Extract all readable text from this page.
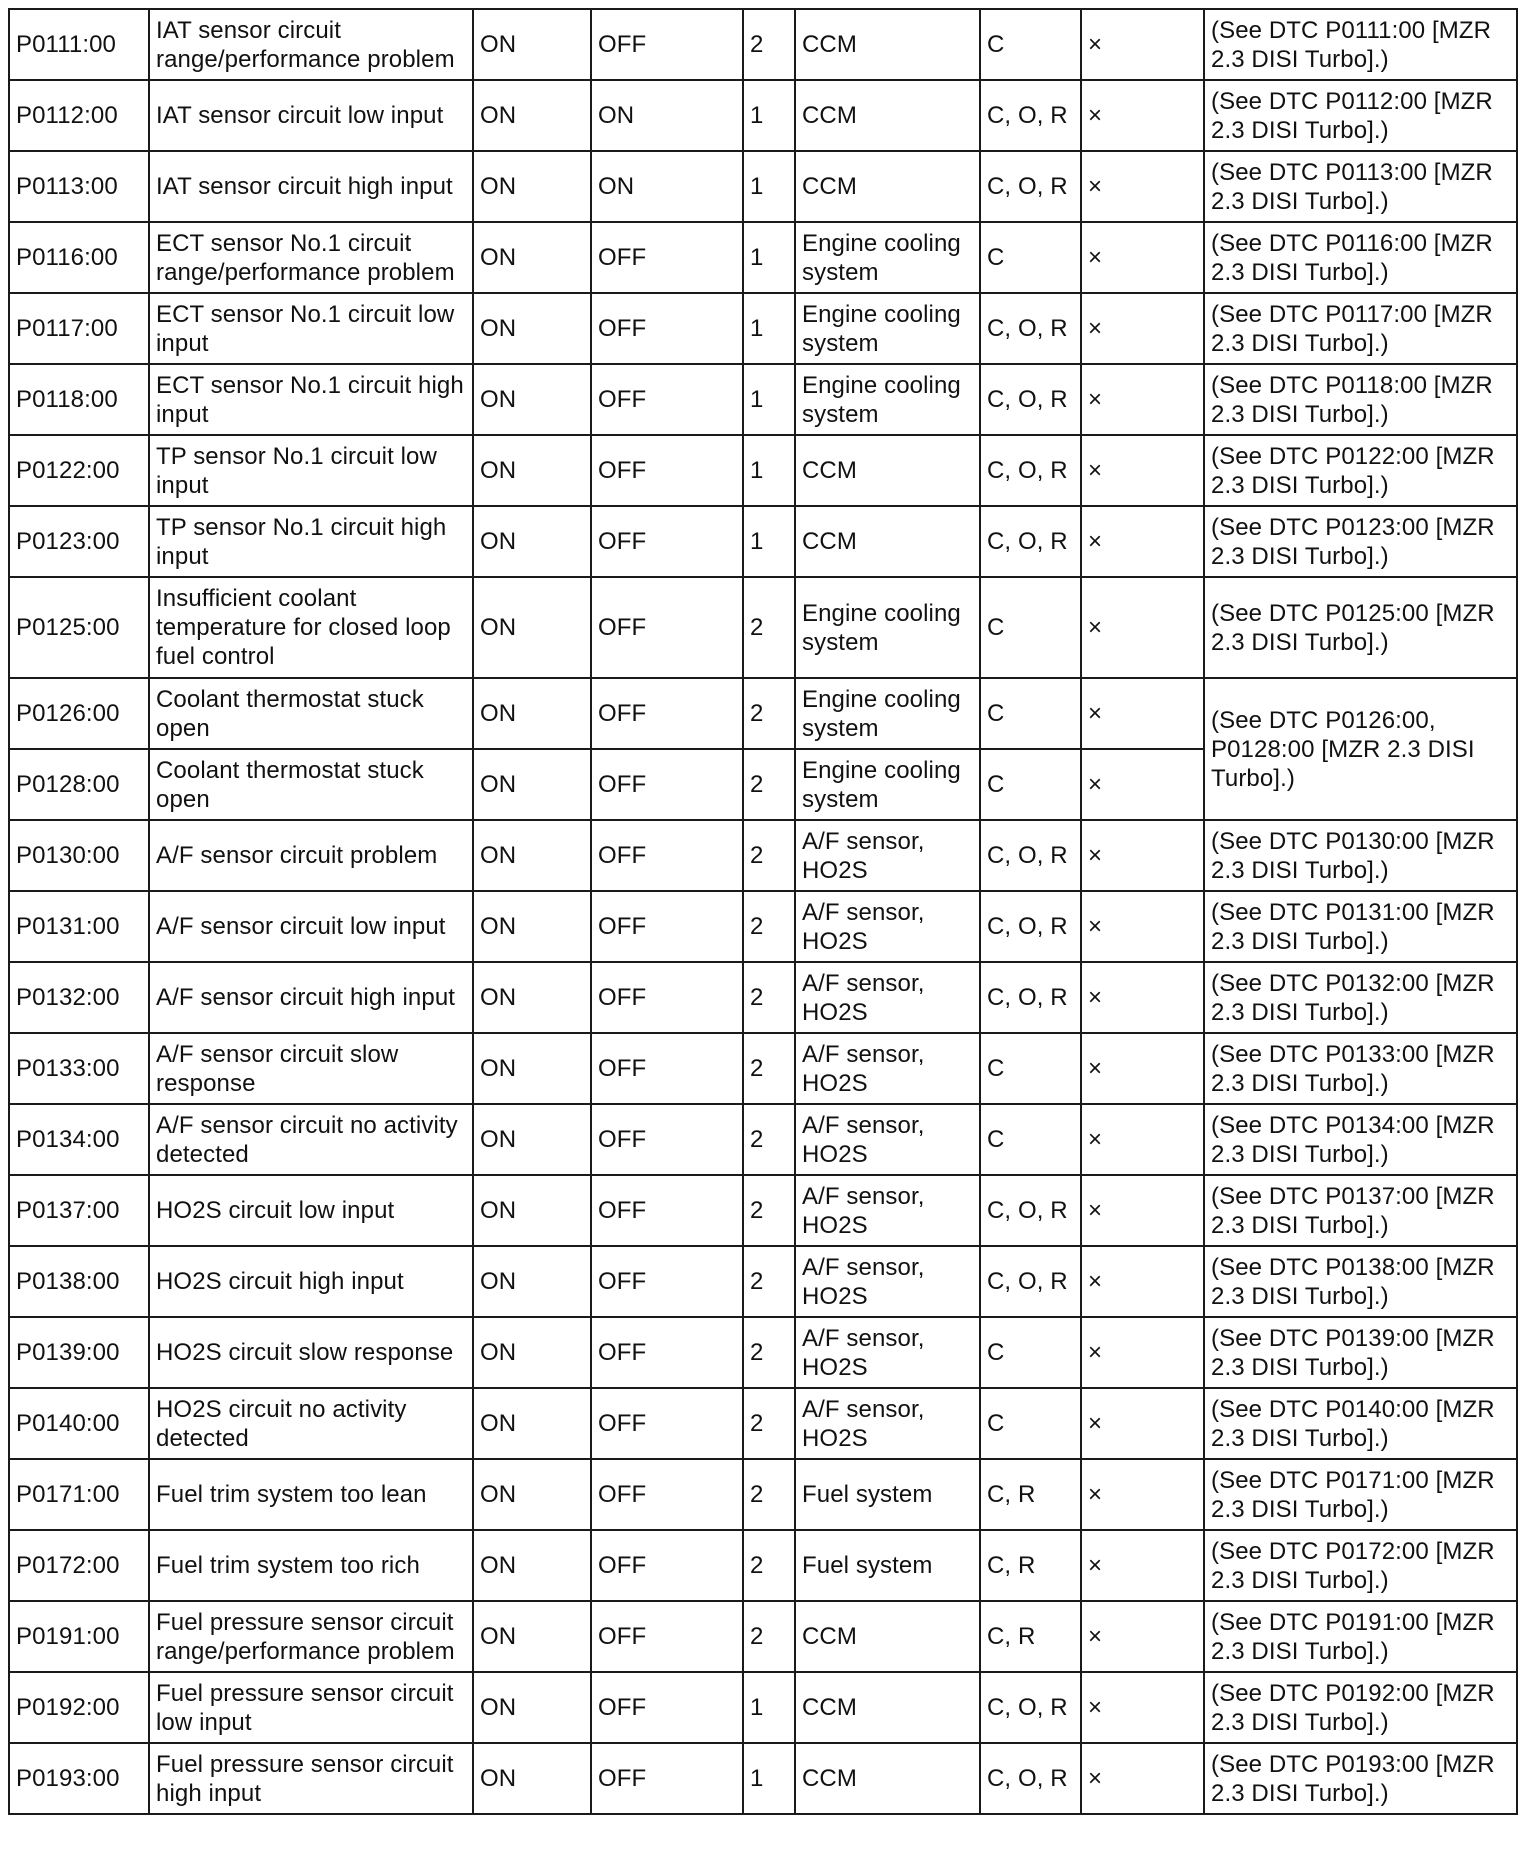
P0111:00	IAT sensor circuit range/performance problem	ON	OFF	2	CCM	C	×	(See DTC P0111:00 [MZR 2.3 DISI Turbo].)
P0112:00	IAT sensor circuit low input	ON	ON	1	CCM	C, O, R	×	(See DTC P0112:00 [MZR 2.3 DISI Turbo].)
P0113:00	IAT sensor circuit high input	ON	ON	1	CCM	C, O, R	×	(See DTC P0113:00 [MZR 2.3 DISI Turbo].)
P0116:00	ECT sensor No.1 circuit range/performance problem	ON	OFF	1	Engine cooling system	C	×	(See DTC P0116:00 [MZR 2.3 DISI Turbo].)
P0117:00	ECT sensor No.1 circuit low input	ON	OFF	1	Engine cooling system	C, O, R	×	(See DTC P0117:00 [MZR 2.3 DISI Turbo].)
P0118:00	ECT sensor No.1 circuit high input	ON	OFF	1	Engine cooling system	C, O, R	×	(See DTC P0118:00 [MZR 2.3 DISI Turbo].)
P0122:00	TP sensor No.1 circuit low input	ON	OFF	1	CCM	C, O, R	×	(See DTC P0122:00 [MZR 2.3 DISI Turbo].)
P0123:00	TP sensor No.1 circuit high input	ON	OFF	1	CCM	C, O, R	×	(See DTC P0123:00 [MZR 2.3 DISI Turbo].)
P0125:00	Insufficient coolant temperature for closed loop fuel control	ON	OFF	2	Engine cooling system	C	×	(See DTC P0125:00 [MZR 2.3 DISI Turbo].)
P0126:00	Coolant thermostat stuck open	ON	OFF	2	Engine cooling system	C	×	(See DTC P0126:00, P0128:00 [MZR 2.3 DISI Turbo].)
P0128:00	Coolant thermostat stuck open	ON	OFF	2	Engine cooling system	C	×	
P0130:00	A/F sensor circuit problem	ON	OFF	2	A/F sensor, HO2S	C, O, R	×	(See DTC P0130:00 [MZR 2.3 DISI Turbo].)
P0131:00	A/F sensor circuit low input	ON	OFF	2	A/F sensor, HO2S	C, O, R	×	(See DTC P0131:00 [MZR 2.3 DISI Turbo].)
P0132:00	A/F sensor circuit high input	ON	OFF	2	A/F sensor, HO2S	C, O, R	×	(See DTC P0132:00 [MZR 2.3 DISI Turbo].)
P0133:00	A/F sensor circuit slow response	ON	OFF	2	A/F sensor, HO2S	C	×	(See DTC P0133:00 [MZR 2.3 DISI Turbo].)
P0134:00	A/F sensor circuit no activity detected	ON	OFF	2	A/F sensor, HO2S	C	×	(See DTC P0134:00 [MZR 2.3 DISI Turbo].)
P0137:00	HO2S circuit low input	ON	OFF	2	A/F sensor, HO2S	C, O, R	×	(See DTC P0137:00 [MZR 2.3 DISI Turbo].)
P0138:00	HO2S circuit high input	ON	OFF	2	A/F sensor, HO2S	C, O, R	×	(See DTC P0138:00 [MZR 2.3 DISI Turbo].)
P0139:00	HO2S circuit slow response	ON	OFF	2	A/F sensor, HO2S	C	×	(See DTC P0139:00 [MZR 2.3 DISI Turbo].)
P0140:00	HO2S circuit no activity detected	ON	OFF	2	A/F sensor, HO2S	C	×	(See DTC P0140:00 [MZR 2.3 DISI Turbo].)
P0171:00	Fuel trim system too lean	ON	OFF	2	Fuel system	C, R	×	(See DTC P0171:00 [MZR 2.3 DISI Turbo].)
P0172:00	Fuel trim system too rich	ON	OFF	2	Fuel system	C, R	×	(See DTC P0172:00 [MZR 2.3 DISI Turbo].)
P0191:00	Fuel pressure sensor circuit range/performance problem	ON	OFF	2	CCM	C, R	×	(See DTC P0191:00 [MZR 2.3 DISI Turbo].)
P0192:00	Fuel pressure sensor circuit low input	ON	OFF	1	CCM	C, O, R	×	(See DTC P0192:00 [MZR 2.3 DISI Turbo].)
P0193:00	Fuel pressure sensor circuit high input	ON	OFF	1	CCM	C, O, R	×	(See DTC P0193:00 [MZR 2.3 DISI Turbo].)
